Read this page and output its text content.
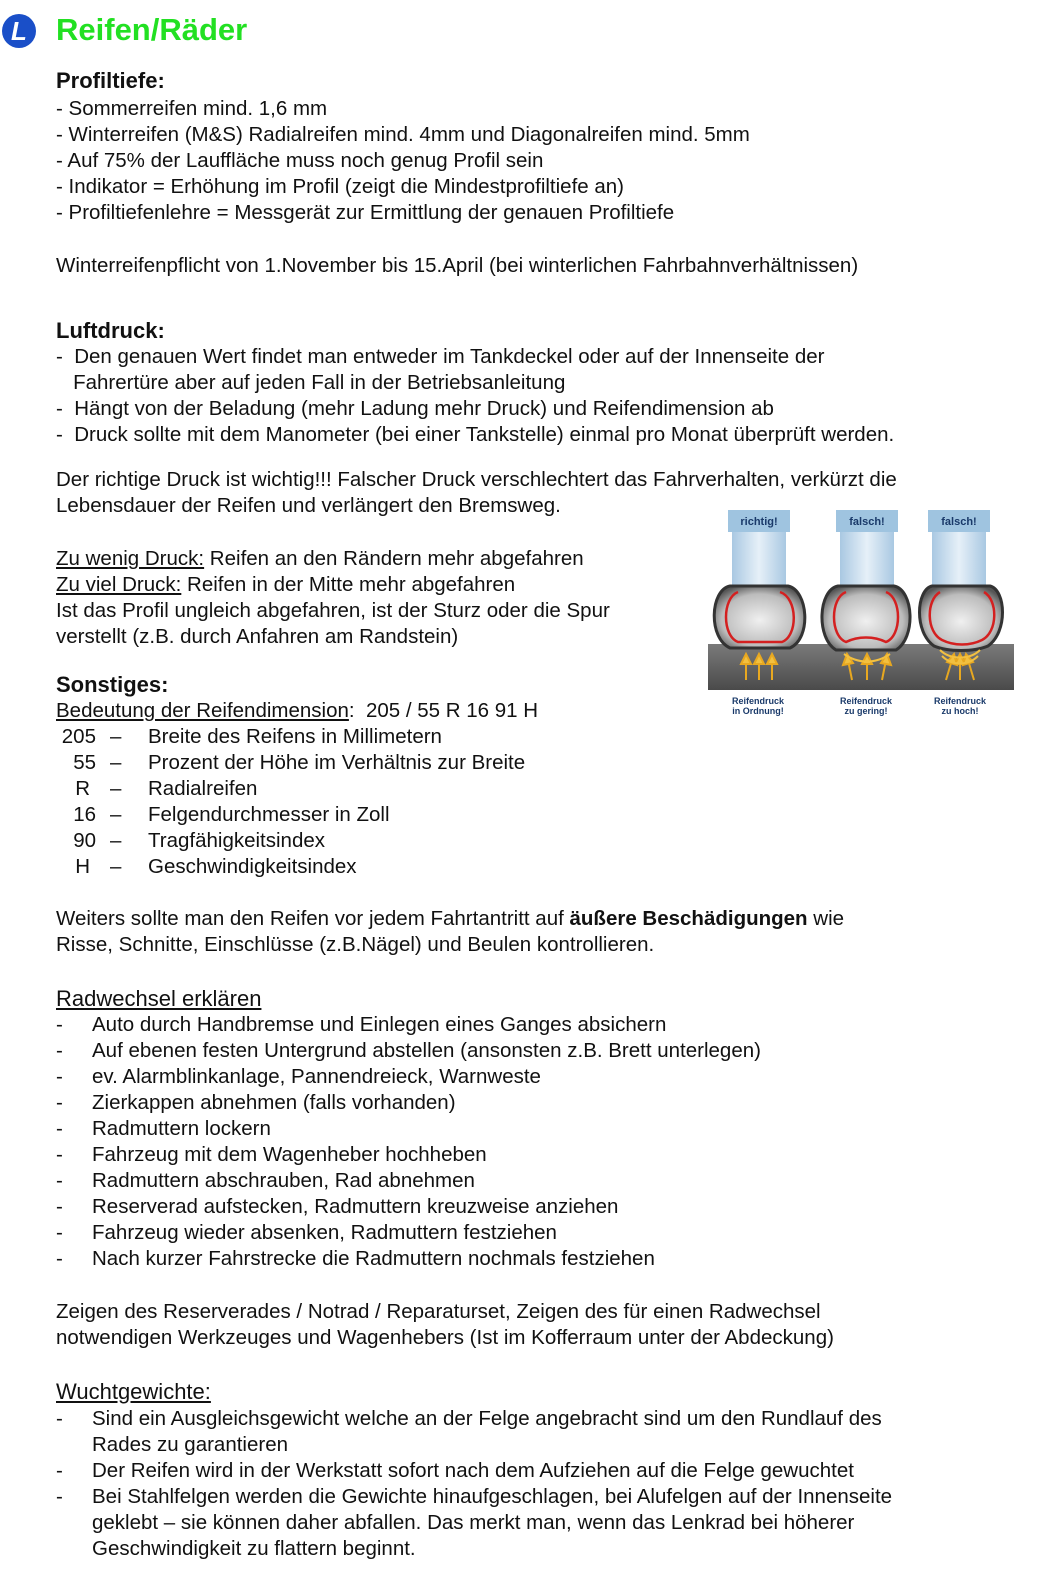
L Reifen/Räder
Profiltiefe:
- Sommerreifen mind. 1,6 mm
- Winterreifen (M&S) Radialreifen mind. 4mm und Diagonalreifen mind. 5mm
- Auf 75% der Lauffläche muss noch genug Profil sein
- Indikator = Erhöhung im Profil (zeigt die Mindestprofiltiefe an)
- Profiltiefenlehre = Messgerät zur Ermittlung der genauen Profiltiefe
Winterreifenpflicht von 1.November bis 15.April (bei winterlichen Fahrbahnverhältnissen)
Luftdruck:
-  Den genauen Wert findet man entweder im Tankdeckel oder auf der Innenseite der
Fahrertüre aber auf jeden Fall in der Betriebsanleitung
-  Hängt von der Beladung (mehr Ladung mehr Druck) und Reifendimension ab
-  Druck sollte mit dem Manometer (bei einer Tankstelle) einmal pro Monat überprüft werden.
Der richtige Druck ist wichtig!!! Falscher Druck verschlechtert das Fahrverhalten, verkürzt die
Lebensdauer der Reifen und verlängert den Bremsweg.
Zu wenig Druck: Reifen an den Rändern mehr abgefahren
Zu viel Druck: Reifen in der Mitte mehr abgefahren
Ist das Profil ungleich abgefahren, ist der Sturz oder die Spur
verstellt (z.B. durch Anfahren am Randstein)
richtig!	falsch!	falsch!
Reifendruck
in Ordnung!
Reifendruck
zu gering!
Reifendruck
zu hoch!
Sonstiges:
Bedeutung der Reifendimension:  205 / 55 R 16 91 H
205 – Breite des Reifens in Millimetern
55 – Prozent der Höhe im Verhältnis zur Breite
R – Radialreifen
16 – Felgendurchmesser in Zoll
90 – Tragfähigkeitsindex
H – Geschwindigkeitsindex
Weiters sollte man den Reifen vor jedem Fahrtantritt auf äußere Beschädigungen wie
Risse, Schnitte, Einschlüsse (z.B.Nägel) und Beulen kontrollieren.
Radwechsel erklären
- Auto durch Handbremse und Einlegen eines Ganges absichern
- Auf ebenen festen Untergrund abstellen (ansonsten z.B. Brett unterlegen)
- ev. Alarmblinkanlage, Pannendreieck, Warnweste
- Zierkappen abnehmen (falls vorhanden)
- Radmuttern lockern
- Fahrzeug mit dem Wagenheber hochheben
- Radmuttern abschrauben, Rad abnehmen
- Reserverad aufstecken, Radmuttern kreuzweise anziehen
- Fahrzeug wieder absenken, Radmuttern festziehen
- Nach kurzer Fahrstrecke die Radmuttern nochmals festziehen
Zeigen des Reserverades / Notrad / Reparaturset, Zeigen des für einen Radwechsel
notwendigen Werkzeuges und Wagenhebers (Ist im Kofferraum unter der Abdeckung)
Wuchtgewichte:
- Sind ein Ausgleichsgewicht welche an der Felge angebracht sind um den Rundlauf des
Rades zu garantieren
- Der Reifen wird in der Werkstatt sofort nach dem Aufziehen auf die Felge gewuchtet
- Bei Stahlfelgen werden die Gewichte hinaufgeschlagen, bei Alufelgen auf der Innenseite
geklebt – sie können daher abfallen. Das merkt man, wenn das Lenkrad bei höherer
Geschwindigkeit zu flattern beginnt.
